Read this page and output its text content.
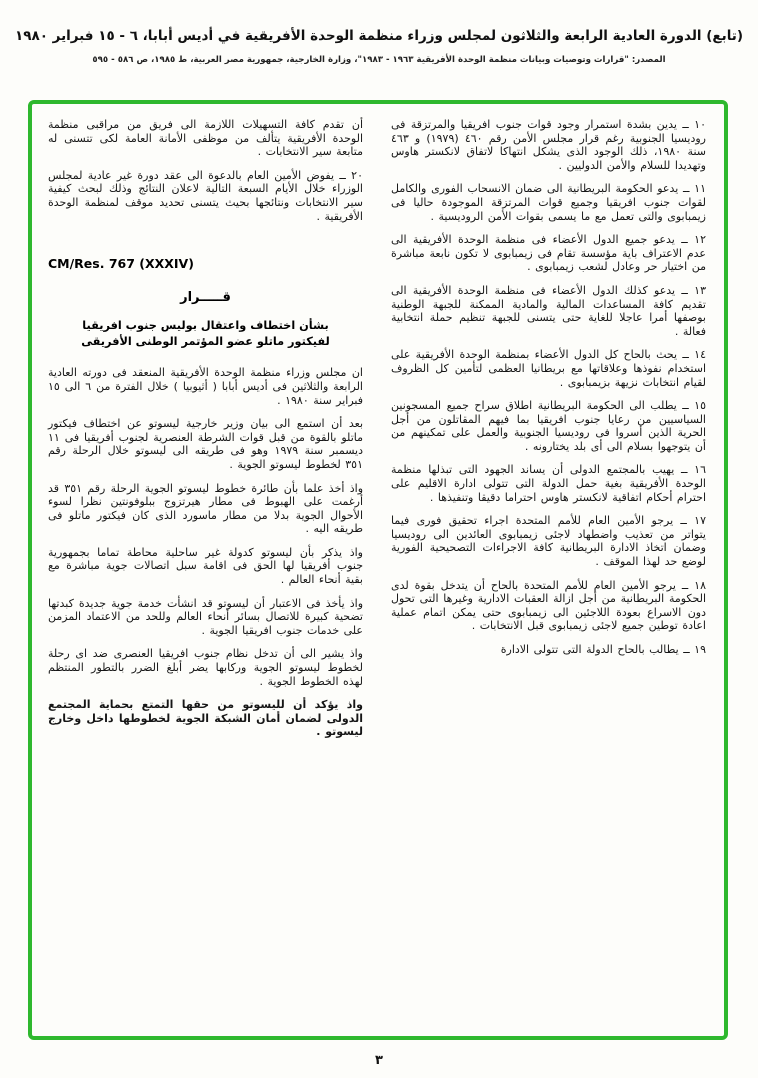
(تابع) الدورة العادية الرابعة والثلاثون لمجلس وزراء منظمة الوحدة الأفريقية في أديس أبابا، ٦ - ١٥ فبراير ١٩٨٠
المصدر: "قرارات وتوصيات وبيانات منظمة الوحدة الأفريقية ١٩٦٣ - ١٩٨٣"، وزارة الخارجية، جمهورية مصر العربية، ط ١٩٨٥، ص ٥٨٦ - ٥٩٥
١٠ ــ يدين بشدة استمرار وجود قوات جنوب افريقيا والمرتزقة فى روديسيا الجنوبية رغم قرار مجلس الأمن رقم ٤٦٠ (١٩٧٩) و ٤٦٣ سنة ١٩٨٠، ذلك الوجود الذى يشكل انتهاكا لاتفاق لانكستر هاوس وتهديدا للسلام والأمن الدوليين .
١١ ــ يدعو الحكومة البريطانية الى ضمان الانسحاب الفورى والكامل لقوات جنوب افريقيا وجميع قوات المرتزقة الموجودة حاليا فى زيمبابوى والتى تعمل مع ما يسمى بقوات الأمن الروديسية .
١٢ ــ يدعو جميع الدول الأعضاء فى منظمة الوحدة الأفريقية الى عدم الاعتراف باية مؤسسة تقام فى زيمبابوى لا تكون نابعة مباشرة من اختيار حر وعادل لشعب زيمبابوى .
١٣ ــ يدعو كذلك الدول الأعضاء فى منظمة الوحدة الأفريقية الى تقديم كافة المساعدات المالية والمادية الممكنة للجبهة الوطنية بوصفها أمرا عاجلا للغاية حتى يتسنى للجبهة تنظيم حملة انتخابية فعالة .
١٤ ــ يحث بالحاح كل الدول الأعضاء بمنظمة الوحدة الأفريقية على استخدام نفوذها وعلاقاتها مع بريطانيا العظمى لتأمين كل الظروف لقيام انتخابات نزيهة بزيمبابوى .
١٥ ــ يطلب الى الحكومة البريطانية اطلاق سراح جميع المسجونين السياسيين من رعايا جنوب افريقيا بما فيهم المقاتلون من أجل الحرية الذين أسروا فى روديسيا الجنوبية والعمل على تمكينهم من أن يتوجهوا بسلام الى أى بلد يختارونه .
١٦ ــ يهيب بالمجتمع الدولى أن يساند الجهود التى تبذلها منظمة الوحدة الأفريقية بغية حمل الدولة التى تتولى ادارة الاقليم على احترام أحكام اتفاقية لانكستر هاوس احتراما دقيقا وتنفيذها .
١٧ ــ يرجو الأمين العام للأمم المتحدة اجراء تحقيق فورى فيما يتواتر من تعذيب واضطهاد لاجئى زيمبابوى العائدين الى روديسيا وضمان اتخاذ الادارة البريطانية كافة الاجراءات التصحيحية الفورية لوضع حد لهذا الموقف .
١٨ ــ يرجو الأمين العام للأمم المتحدة بالحاح أن يتدخل بقوة لدى الحكومة البريطانية من أجل ازالة العقبات الادارية وغيرها التى تحول دون الاسراع بعودة اللاجئين الى زيمبابوى حتى يمكن اتمام عملية اعادة توطين جميع لاجئى زيمبابوى قبل الانتخابات .
١٩ ــ يطالب بالحاح الدولة التى تتولى الادارة
أن تقدم كافة التسهيلات اللازمة الى فريق من مراقبى منظمة الوحدة الأفريقية يتألف من موظفى الأمانة العامة لكى تتسنى له متابعة سير الانتخابات .
٢٠ ــ يفوض الأمين العام بالدعوة الى عقد دورة غير عادية لمجلس الوزراء خلال الأيام السبعة التالية لاعلان النتائج وذلك لبحث كيفية سير الانتخابات ونتائجها بحيث يتسنى تحديد موقف لمنظمة الوحدة الأفريقية .
CM/Res. 767 (XXXIV)
قـــــرار
بشأن اختطاف واعتقال بوليس جنوب افريقيا
لفيكتور ماتلو عضو المؤتمر الوطنى الأفريقى
ان مجلس وزراء منظمة الوحدة الأفريقية المنعقد فى دورته العادية الرابعة والثلاثين فى أديس أبابا ( أثيوبيا ) خلال الفترة من ٦ الى ١٥ فبراير سنة ١٩٨٠ .
بعد أن استمع الى بيان وزير خارجية ليسوتو عن اختطاف فيكتور ماتلو بالقوة من قبل قوات الشرطة العنصرية لجنوب أفريقيا فى ١١ ديسمبر سنة ١٩٧٩ وهو فى طريقه الى ليسوتو خلال الرحلة رقم ٣٥١ لخطوط ليسوتو الجوية .
واذ أخذ علما بأن طائرة خطوط ليسوتو الجوية الرحلة رقم ٣٥١ قد أرغمت على الهبوط فى مطار هيرتزوج ببلوفونتين نظرا لسوء الأحوال الجوية بدلا من مطار ماسورد الذى كان فيكتور ماتلو فى طريقه اليه .
واذ يذكر بأن ليسوتو كدولة غير ساحلية محاطة تماما بجمهورية جنوب أفريقيا لها الحق فى اقامة سبل اتصالات جوية مباشرة مع بقية أنحاء العالم .
واذ يأخذ فى الاعتبار أن ليسوتو قد انشأت خدمة جوية جديدة كبدتها تضحية كبيرة للاتصال بسائر أنحاء العالم وللحد من الاعتماد المزمن على خدمات جنوب افريقيا الجوية .
واذ يشير الى أن تدخل نظام جنوب افريقيا العنصرى ضد اى رحلة لخطوط ليسوتو الجوية وركابها يضر أبلغ الضرر بالتطور المنتظم لهذه الخطوط الجوية .
واذ يؤكد أن لليسوتو من حقها التمتع بحماية المجتمع الدولى لضمان أمان الشبكة الجوية لخطوطها داخل وخارج ليسوتو .
٣
